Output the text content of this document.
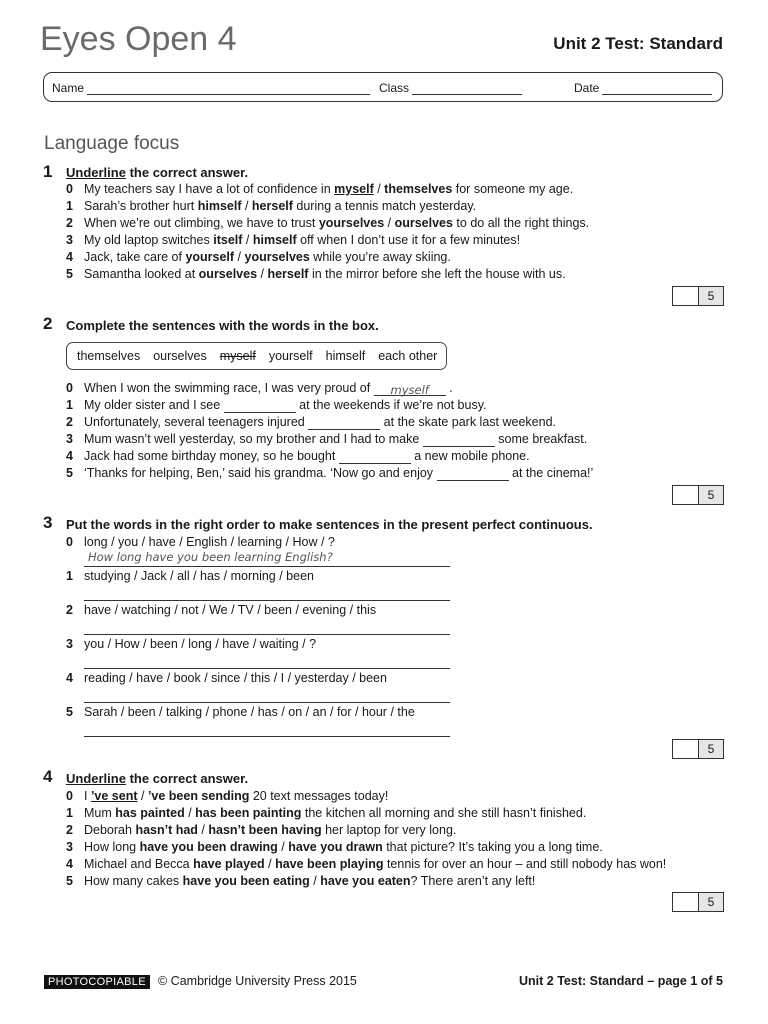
Eyes Open 4	Unit 2 Test: Standard
Name	Class	Date
Language focus
1 Underline the correct answer.
0 My teachers say I have a lot of confidence in myself / themselves for someone my age.
1 Sarah’s brother hurt himself / herself during a tennis match yesterday.
2 When we’re out climbing, we have to trust yourselves / ourselves to do all the right things.
3 My old laptop switches itself / himself off when I don’t use it for a few minutes!
4 Jack, take care of yourself / yourselves while you’re away skiing.
5 Samantha looked at ourselves / herself in the mirror before she left the house with us.
5
2 Complete the sentences with the words in the box.
themselves ourselves myself yourself himself each other
0 When I won the swimming race, I was very proud of myself .
1 My older sister and I see	at the weekends if we’re not busy.
2 Unfortunately, several teenagers injured	at the skate park last weekend.
3 Mum wasn’t well yesterday, so my brother and I had to make	some breakfast.
4 Jack had some birthday money, so he bought	a new mobile phone.
5 ‘Thanks for helping, Ben,’ said his grandma. ‘Now go and enjoy	at the cinema!’
5
3 Put the words in the right order to make sentences in the present perfect continuous.
0 long / you / have / English / learning / How / ?
How long have you been learning English?
1 studying / Jack / all / has / morning / been
2 have / watching / not / We / TV / been / evening / this
3 you / How / been / long / have / waiting / ?
4 reading / have / book / since / this / I / yesterday / been
5 Sarah / been / talking / phone / has / on / an / for / hour / the
5
4 Underline the correct answer.
0 I ’ve sent / ’ve been sending 20 text messages today!
1 Mum has painted / has been painting the kitchen all morning and she still hasn’t finished.
2 Deborah hasn’t had / hasn’t been having her laptop for very long.
3 How long have you been drawing / have you drawn that picture? It’s taking you a long time.
4 Michael and Becca have played / have been playing tennis for over an hour – and still nobody has won!
5 How many cakes have you been eating / have you eaten? There aren’t any left!
5
PHOTOCOPIABLE © Cambridge University Press 2015	Unit 2 Test: Standard – page 1 of 5
